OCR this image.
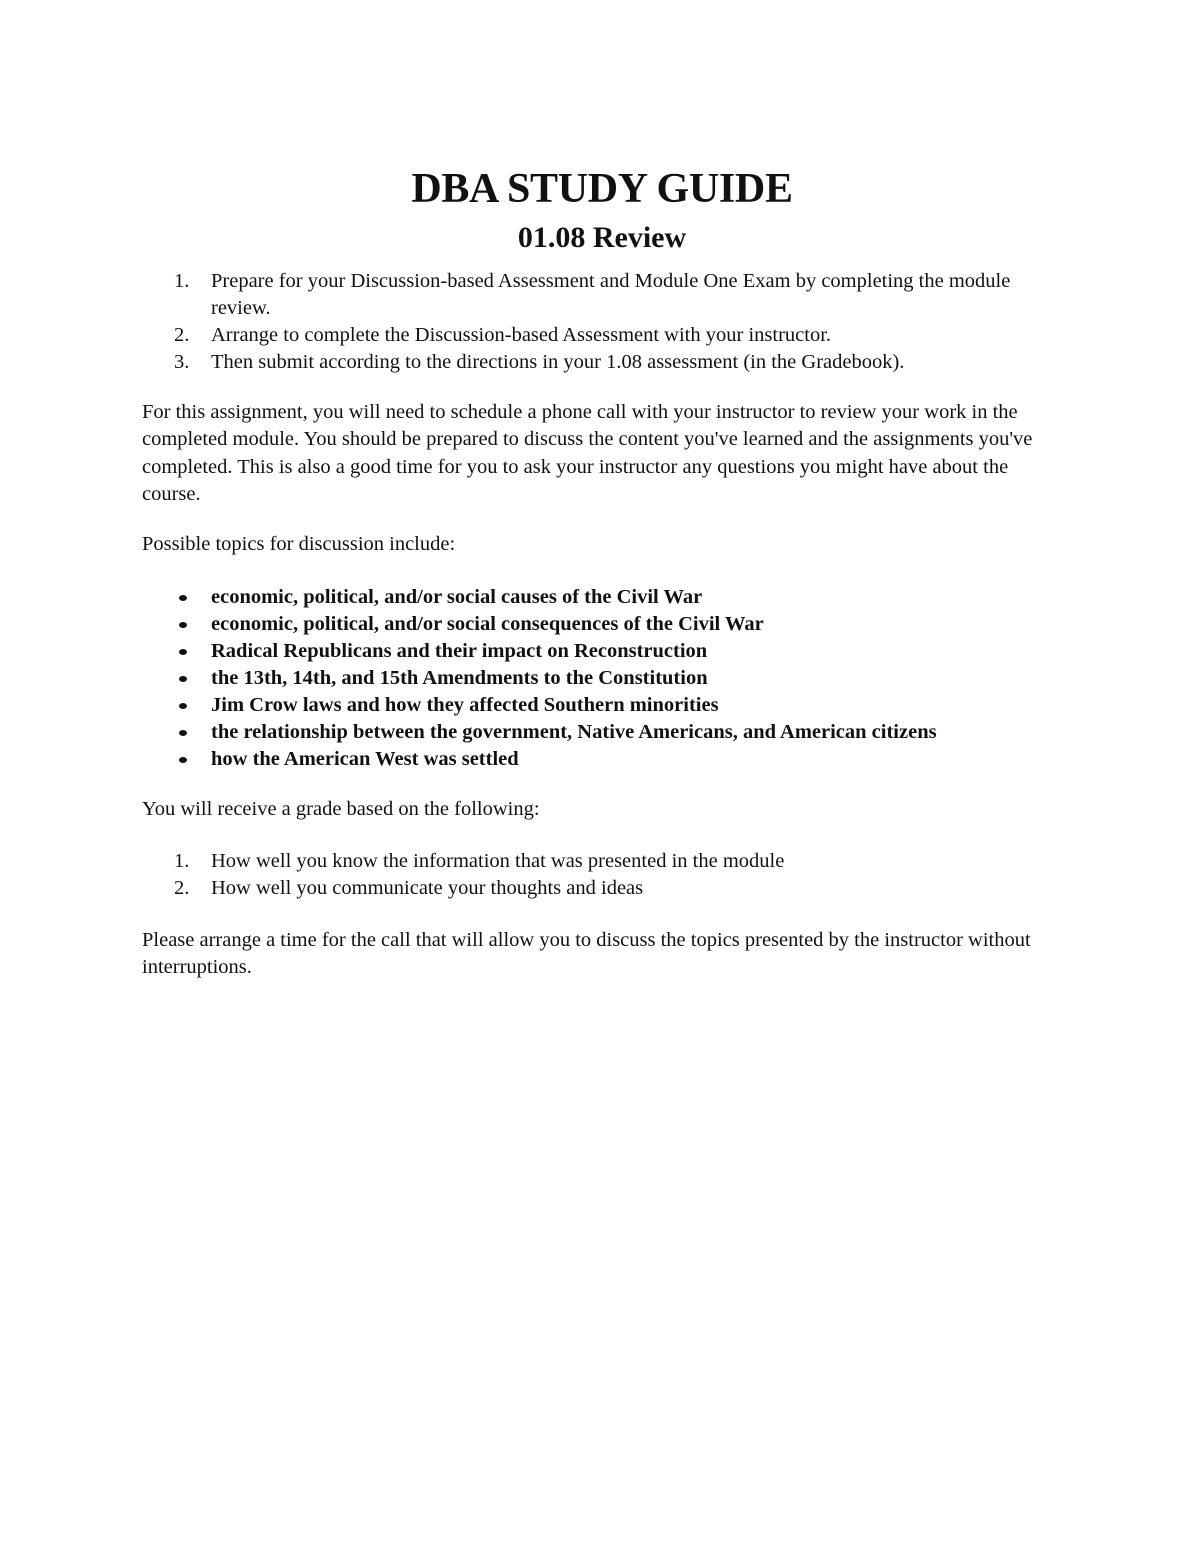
DBA STUDY GUIDE
01.08 Review
1. Prepare for your Discussion-based Assessment and Module One Exam by completing the module review.
2. Arrange to complete the Discussion-based Assessment with your instructor.
3. Then submit according to the directions in your 1.08 assessment (in the Gradebook).

For this assignment, you will need to schedule a phone call with your instructor to review your work in the completed module. You should be prepared to discuss the content you've learned and the assignments you've completed. This is also a good time for you to ask your instructor any questions you might have about the course.

Possible topics for discussion include:

economic, political, and/or social causes of the Civil War
economic, political, and/or social consequences of the Civil War
Radical Republicans and their impact on Reconstruction
the 13th, 14th, and 15th Amendments to the Constitution
Jim Crow laws and how they affected Southern minorities
the relationship between the government, Native Americans, and American citizens
how the American West was settled

You will receive a grade based on the following:

1. How well you know the information that was presented in the module
2. How well you communicate your thoughts and ideas

Please arrange a time for the call that will allow you to discuss the topics presented by the instructor without interruptions.
